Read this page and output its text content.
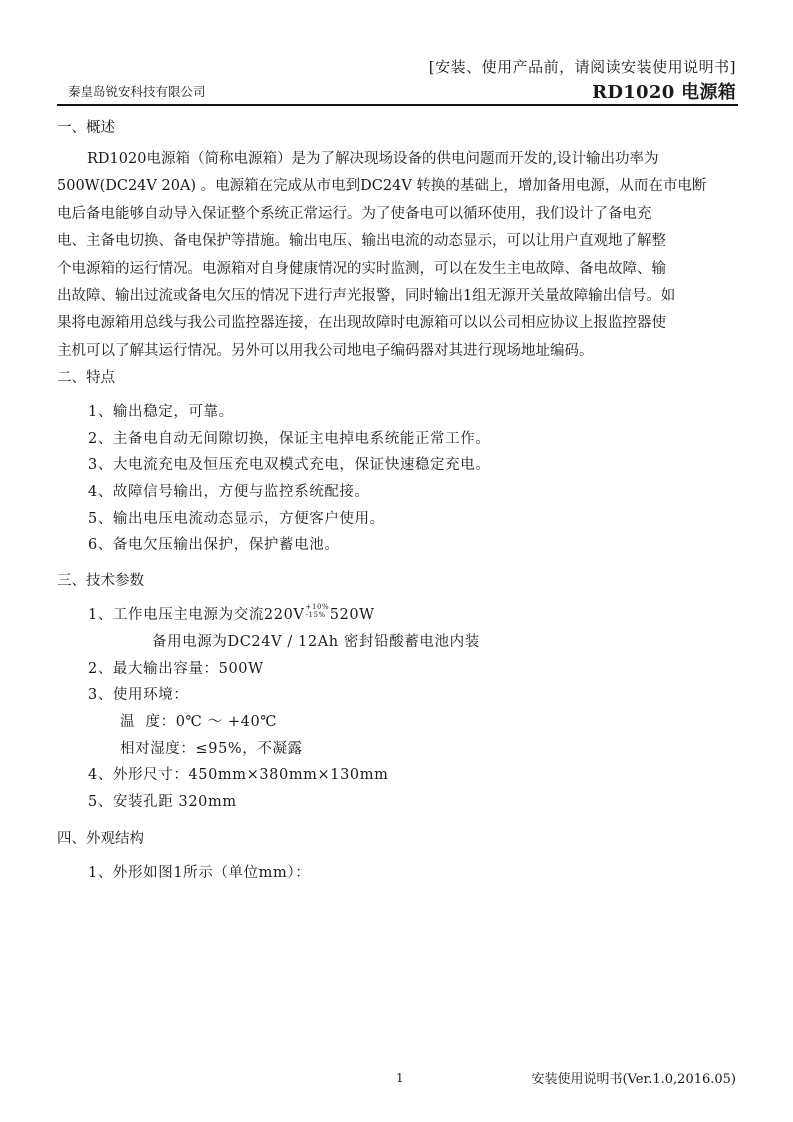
[安装、使用产品前，请阅读安装使用说明书]
秦皇岛锐安科技有限公司	RD1020 电源箱
一、概述

RD1020电源箱（简称电源箱）是为了解决现场设备的供电问题而开发的,设计输出功率为

500W(DC24V 20A) 。电源箱在完成从市电到DC24V 转换的基础上，增加备用电源，从而在市电断

电后备电能够自动导入保证整个系统正常运行。为了使备电可以循环使用，我们设计了备电充

电、主备电切换、备电保护等措施。输出电压、输出电流的动态显示，可以让用户直观地了解整

个电源箱的运行情况。电源箱对自身健康情况的实时监测，可以在发生主电故障、备电故障、输

出故障、输出过流或备电欠压的情况下进行声光报警，同时输出1组无源开关量故障输出信号。如

果将电源箱用总线与我公司监控器连接，在出现故障时电源箱可以以公司相应协议上报监控器使

主机可以了解其运行情况。另外可以用我公司地电子编码器对其进行现场地址编码。

二、特点
1、输出稳定，可靠。
2、主备电自动无间隙切换，保证主电掉电系统能正常工作。
3、大电流充电及恒压充电双模式充电，保证快速稳定充电。
4、故障信号输出，方便与监控系统配接。
5、输出电压电流动态显示，方便客户使用。
6、备电欠压输出保护，保护蓄电池。
三、技术参数
1、工作电压主电源为交流220V +10%
-15%
520W
备用电源为DC24V / 12Ah 密封铅酸蓄电池内装
2、最大输出容量：500W
3、使用环境：
温  度：0℃ ～ +40℃
相对湿度：≤95%，不凝露
4、外形尺寸：450mm×380mm×130mm
5、安装孔距 320mm
四、外观结构
1、外形如图1所示（单位mm）：
1	安装使用说明书(Ver.1.0,2016.05)
